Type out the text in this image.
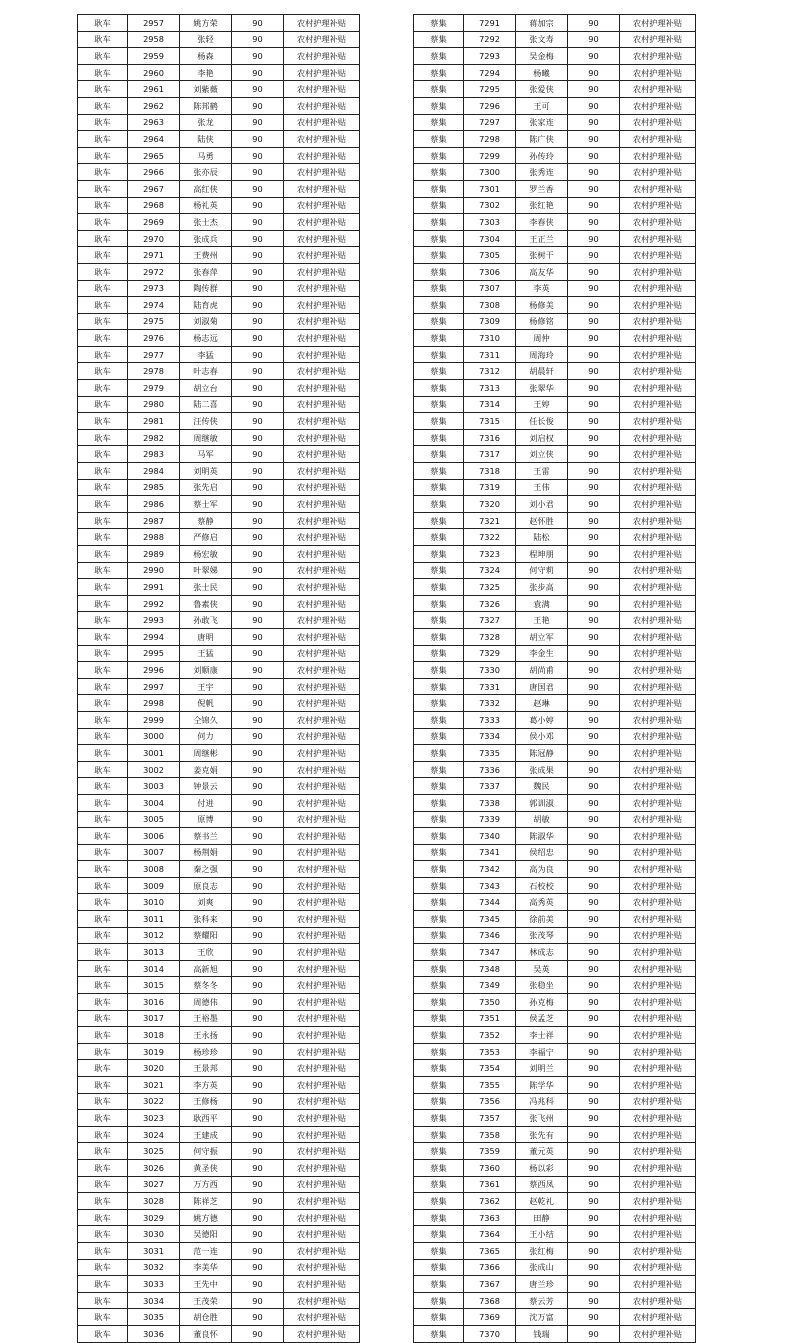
耿车	2957	姚方荣	90	农村护理补贴
耿车	2958	张轻	90	农村护理补贴
耿车	2959	杨森	90	农村护理补贴
耿车	2960	李艳	90	农村护理补贴
耿车	2961	刘紫薇	90	农村护理补贴
耿车	2962	陈邦鹤	90	农村护理补贴
耿车	2963	张龙	90	农村护理补贴
耿车	2964	陆侠	90	农村护理补贴
耿车	2965	马勇	90	农村护理补贴
耿车	2966	张亦辰	90	农村护理补贴
耿车	2967	高红侠	90	农村护理补贴
耿车	2968	杨礼英	90	农村护理补贴
耿车	2969	张士杰	90	农村护理补贴
耿车	2970	张成兵	90	农村护理补贴
耿车	2971	王费州	90	农村护理补贴
耿车	2972	张春萍	90	农村护理补贴
耿车	2973	陶传群	90	农村护理补贴
耿车	2974	陆育虎	90	农村护理补贴
耿车	2975	刘淑菊	90	农村护理补贴
耿车	2976	杨志远	90	农村护理补贴
耿车	2977	李猛	90	农村护理补贴
耿车	2978	叶志春	90	农村护理补贴
耿车	2979	胡立台	90	农村护理补贴
耿车	2980	陆二喜	90	农村护理补贴
耿车	2981	汪传侠	90	农村护理补贴
耿车	2982	周继敏	90	农村护理补贴
耿车	2983	马军	90	农村护理补贴
耿车	2984	刘明英	90	农村护理补贴
耿车	2985	张先启	90	农村护理补贴
耿车	2986	蔡士军	90	农村护理补贴
耿车	2987	蔡静	90	农村护理补贴
耿车	2988	严修启	90	农村护理补贴
耿车	2989	杨宏敏	90	农村护理补贴
耿车	2990	叶翠娣	90	农村护理补贴
耿车	2991	张士民	90	农村护理补贴
耿车	2992	鲁素侠	90	农村护理补贴
耿车	2993	孙敢飞	90	农村护理补贴
耿车	2994	唐明	90	农村护理补贴
耿车	2995	王猛	90	农村护理补贴
耿车	2996	刘顺康	90	农村护理补贴
耿车	2997	王宇	90	农村护理补贴
耿车	2998	倪帆	90	农村护理补贴
耿车	2999	仝锦久	90	农村护理补贴
耿车	3000	何力	90	农村护理补贴
耿车	3001	周继彬	90	农村护理补贴
耿车	3002	姜克娟	90	农村护理补贴
耿车	3003	钟景云	90	农村护理补贴
耿车	3004	付进	90	农村护理补贴
耿车	3005	原博	90	农村护理补贴
耿车	3006	蔡书兰	90	农村护理补贴
耿车	3007	杨荆娟	90	农村护理补贴
耿车	3008	秦之强	90	农村护理补贴
耿车	3009	原良志	90	农村护理补贴
耿车	3010	刘爽	90	农村护理补贴
耿车	3011	张科来	90	农村护理补贴
耿车	3012	蔡耀阳	90	农村护理补贴
耿车	3013	王欣	90	农村护理补贴
耿车	3014	高新旭	90	农村护理补贴
耿车	3015	蔡冬冬	90	农村护理补贴
耿车	3016	周德伟	90	农村护理补贴
耿车	3017	王裕墨	90	农村护理补贴
耿车	3018	王永扬	90	农村护理补贴
耿车	3019	杨珍珍	90	农村护理补贴
耿车	3020	王景邦	90	农村护理补贴
耿车	3021	李方英	90	农村护理补贴
耿车	3022	王修杨	90	农村护理补贴
耿车	3023	耿西平	90	农村护理补贴
耿车	3024	王建成	90	农村护理补贴
耿车	3025	何守振	90	农村护理补贴
耿车	3026	黄圣侠	90	农村护理补贴
耿车	3027	万方西	90	农村护理补贴
耿车	3028	陈祥芝	90	农村护理补贴
耿车	3029	姚方德	90	农村护理补贴
耿车	3030	吴德阳	90	农村护理补贴
耿车	3031	范一连	90	农村护理补贴
耿车	3032	李美华	90	农村护理补贴
耿车	3033	王先中	90	农村护理补贴
耿车	3034	王茂荣	90	农村护理补贴
耿车	3035	胡仓胜	90	农村护理补贴
耿车	3036	董良怀	90	农村护理补贴
蔡集	7291	蒋加宗	90	农村护理补贴
蔡集	7292	张文寿	90	农村护理补贴
蔡集	7293	吴金梅	90	农村护理补贴
蔡集	7294	杨曦	90	农村护理补贴
蔡集	7295	张爱侠	90	农村护理补贴
蔡集	7296	王可	90	农村护理补贴
蔡集	7297	张家连	90	农村护理补贴
蔡集	7298	陈广侠	90	农村护理补贴
蔡集	7299	孙传玲	90	农村护理补贴
蔡集	7300	张秀连	90	农村护理补贴
蔡集	7301	罗兰香	90	农村护理补贴
蔡集	7302	张红艳	90	农村护理补贴
蔡集	7303	李春侠	90	农村护理补贴
蔡集	7304	王正兰	90	农村护理补贴
蔡集	7305	张树干	90	农村护理补贴
蔡集	7306	高友华	90	农村护理补贴
蔡集	7307	李英	90	农村护理补贴
蔡集	7308	杨修美	90	农村护理补贴
蔡集	7309	杨修铭	90	农村护理补贴
蔡集	7310	周仲	90	农村护理补贴
蔡集	7311	周海玲	90	农村护理补贴
蔡集	7312	胡晨轩	90	农村护理补贴
蔡集	7313	张翠华	90	农村护理补贴
蔡集	7314	王婷	90	农村护理补贴
蔡集	7315	任长俊	90	农村护理补贴
蔡集	7316	刘启权	90	农村护理补贴
蔡集	7317	刘立侠	90	农村护理补贴
蔡集	7318	王雷	90	农村护理补贴
蔡集	7319	王伟	90	农村护理补贴
蔡集	7320	刘小君	90	农村护理补贴
蔡集	7321	赵怀胜	90	农村护理补贴
蔡集	7322	陆松	90	农村护理补贴
蔡集	7323	程坤朋	90	农村护理补贴
蔡集	7324	何守莉	90	农村护理补贴
蔡集	7325	张步高	90	农村护理补贴
蔡集	7326	袁满	90	农村护理补贴
蔡集	7327	王艳	90	农村护理补贴
蔡集	7328	胡立军	90	农村护理补贴
蔡集	7329	李金生	90	农村护理补贴
蔡集	7330	胡尚甫	90	农村护理补贴
蔡集	7331	唐国君	90	农村护理补贴
蔡集	7332	赵琳	90	农村护理补贴
蔡集	7333	葛小婷	90	农村护理补贴
蔡集	7334	侯小邓	90	农村护理补贴
蔡集	7335	陈冠静	90	农村护理补贴
蔡集	7336	张成果	90	农村护理补贴
蔡集	7337	魏民	90	农村护理补贴
蔡集	7338	郭训淑	90	农村护理补贴
蔡集	7339	胡敏	90	农村护理补贴
蔡集	7340	陈淑华	90	农村护理补贴
蔡集	7341	侯绍忠	90	农村护理补贴
蔡集	7342	高为良	90	农村护理补贴
蔡集	7343	石校校	90	农村护理补贴
蔡集	7344	高秀英	90	农村护理补贴
蔡集	7345	徐前美	90	农村护理补贴
蔡集	7346	张茂琴	90	农村护理补贴
蔡集	7347	林成志	90	农村护理补贴
蔡集	7348	吴英	90	农村护理补贴
蔡集	7349	张稳坐	90	农村护理补贴
蔡集	7350	孙克梅	90	农村护理补贴
蔡集	7351	侯孟芝	90	农村护理补贴
蔡集	7352	李士祥	90	农村护理补贴
蔡集	7353	李福宁	90	农村护理补贴
蔡集	7354	刘明兰	90	农村护理补贴
蔡集	7355	陈学华	90	农村护理补贴
蔡集	7356	冯兆科	90	农村护理补贴
蔡集	7357	张飞州	90	农村护理补贴
蔡集	7358	张先有	90	农村护理补贴
蔡集	7359	董元英	90	农村护理补贴
蔡集	7360	杨以彩	90	农村护理补贴
蔡集	7361	蔡西凤	90	农村护理补贴
蔡集	7362	赵乾礼	90	农村护理补贴
蔡集	7363	田静	90	农村护理补贴
蔡集	7364	王小结	90	农村护理补贴
蔡集	7365	张红梅	90	农村护理补贴
蔡集	7366	张成山	90	农村护理补贴
蔡集	7367	唐兰珍	90	农村护理补贴
蔡集	7368	蔡云芳	90	农村护理补贴
蔡集	7369	沈万富	90	农村护理补贴
蔡集	7370	钱瑞	90	农村护理补贴
